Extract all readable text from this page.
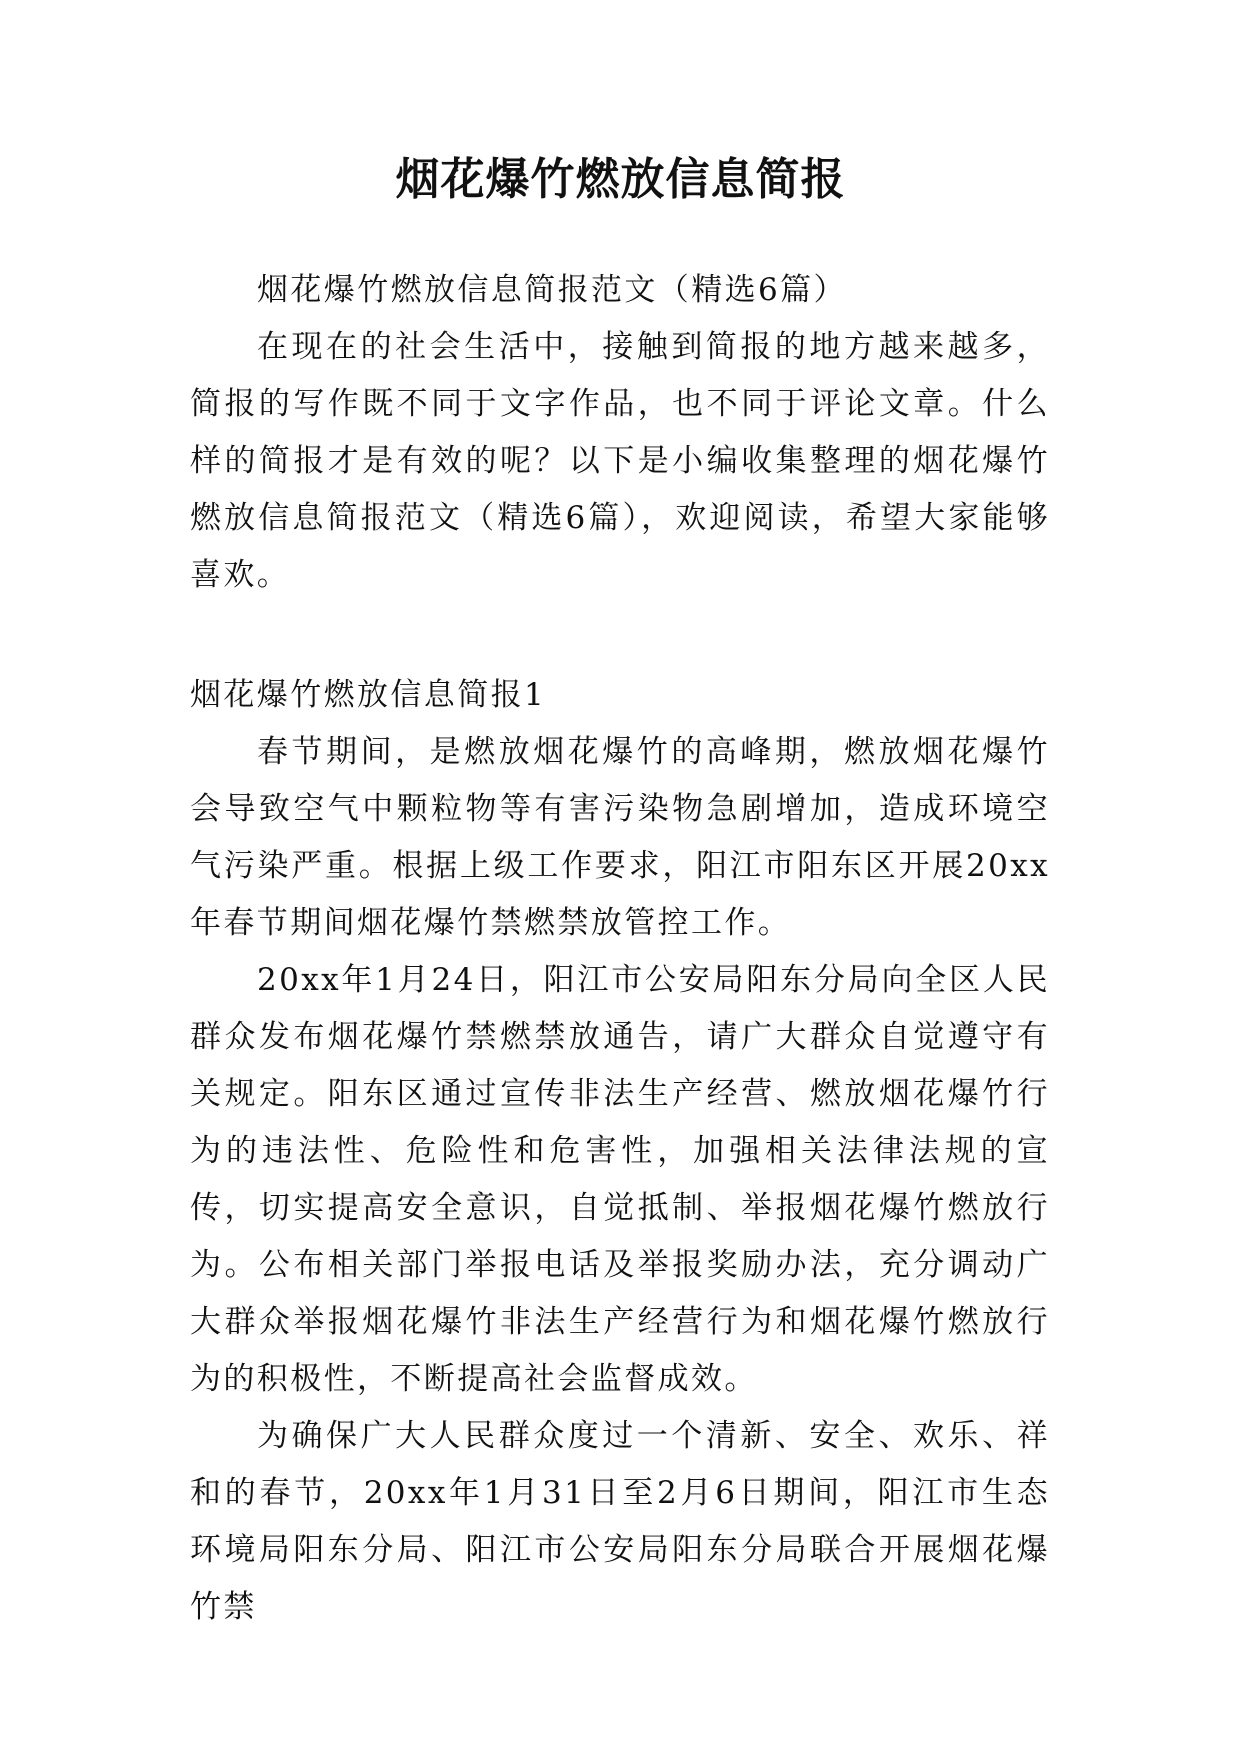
烟花爆竹燃放信息简报

烟花爆竹燃放信息简报范文（精选6篇）

在现在的社会生活中，接触到简报的地方越来越多，简报的写作既不同于文字作品，也不同于评论文章。什么样的简报才是有效的呢？以下是小编收集整理的烟花爆竹燃放信息简报范文（精选6篇），欢迎阅读，希望大家能够喜欢。

烟花爆竹燃放信息简报1

春节期间，是燃放烟花爆竹的高峰期，燃放烟花爆竹会导致空气中颗粒物等有害污染物急剧增加，造成环境空气污染严重。根据上级工作要求，阳江市阳东区开展20xx年春节期间烟花爆竹禁燃禁放管控工作。

20xx年1月24日，阳江市公安局阳东分局向全区人民群众发布烟花爆竹禁燃禁放通告，请广大群众自觉遵守有关规定。阳东区通过宣传非法生产经营、燃放烟花爆竹行为的违法性、危险性和危害性，加强相关法律法规的宣传，切实提高安全意识，自觉抵制、举报烟花爆竹燃放行为。公布相关部门举报电话及举报奖励办法，充分调动广大群众举报烟花爆竹非法生产经营行为和烟花爆竹燃放行为的积极性，不断提高社会监督成效。

为确保广大人民群众度过一个清新、安全、欢乐、祥和的春节，20xx年1月31日至2月6日期间，阳江市生态环境局阳东分局、阳江市公安局阳东分局联合开展烟花爆竹禁
